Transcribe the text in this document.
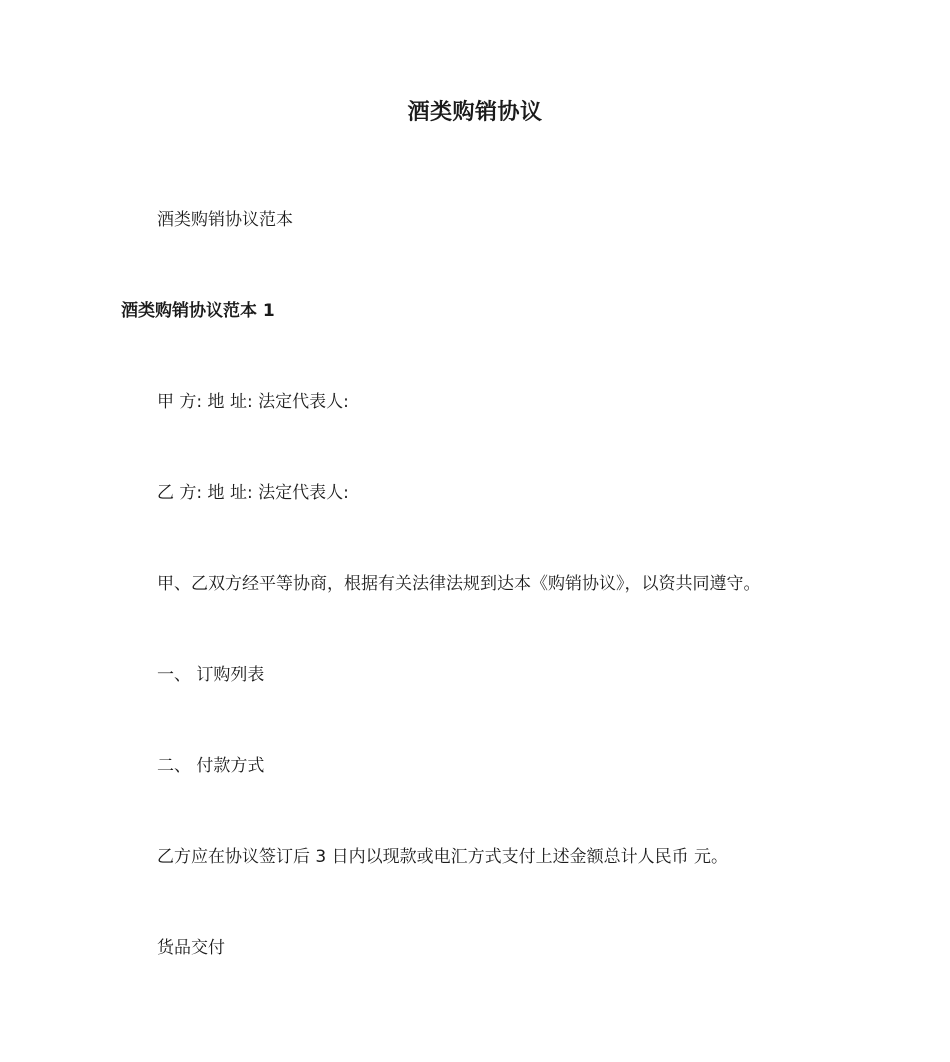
酒类购销协议
酒类购销协议范本
酒类购销协议范本 1
甲 方: 地 址: 法定代表人:
乙 方: 地 址: 法定代表人:
甲、乙双方经平等协商，根据有关法律法规到达本《购销协议》，以资共同遵守。
一、 订购列表
二、 付款方式
乙方应在协议签订后 3 日内以现款或电汇方式支付上述金额总计人民币 元。
货品交付
